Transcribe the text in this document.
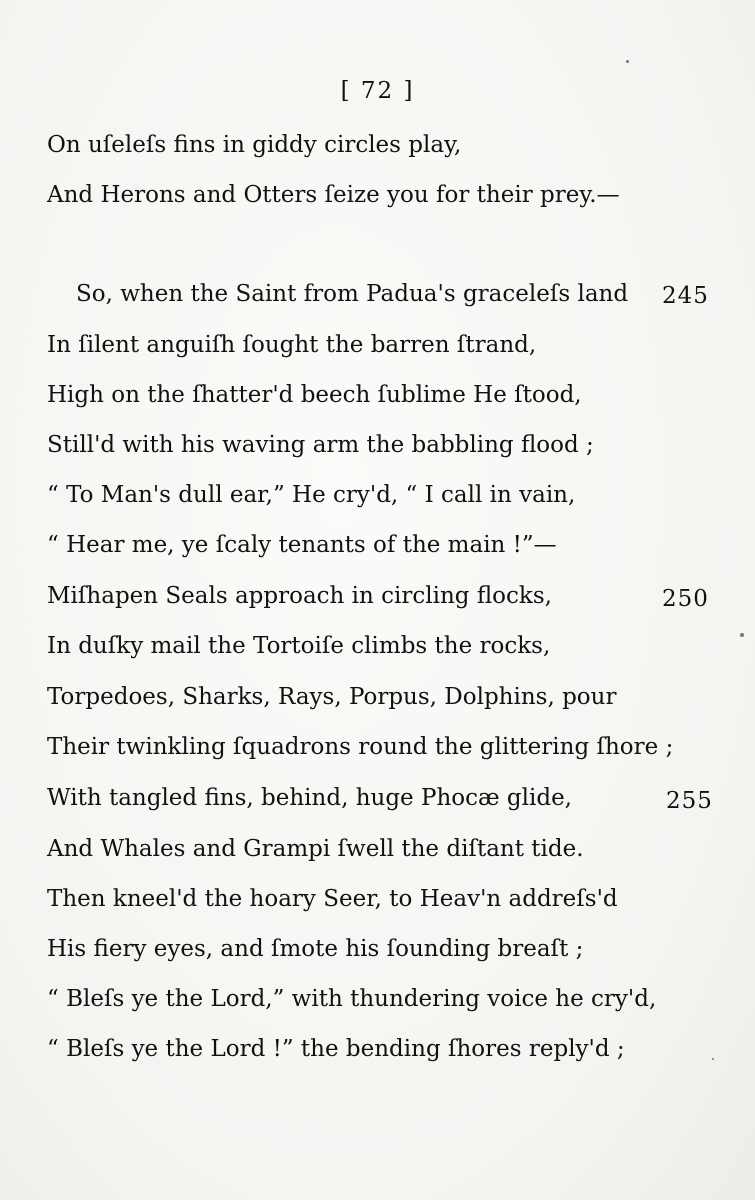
[ 72 ]
On uſeleſs fins in giddy circles play,
And Herons and Otters ſeize you for their prey.—
So, when the Saint from Padua's graceleſs land 245
In ſilent anguiſh ſought the barren ſtrand,
High on the ſhatter'd beech ſublime He ſtood,
Still'd with his waving arm the babbling flood ;
“ To Man's dull ear,” He cry'd, “ I call in vain,
“ Hear me, ye ſcaly tenants of the main !”—
Miſhapen Seals approach in circling flocks,	250
In duſky mail the Tortoiſe climbs the rocks,
Torpedoes, Sharks, Rays, Porpus, Dolphins, pour
Their twinkling ſquadrons round the glittering ſhore ;
With tangled fins, behind, huge Phocæ glide,	255
And Whales and Grampi ſwell the diſtant tide.
Then kneel'd the hoary Seer, to Heav'n addreſs'd
His fiery eyes, and ſmote his ſounding breaſt ;
“ Bleſs ye the Lord,” with thundering voice he cry'd,
“ Bleſs ye the Lord !” the bending ſhores reply'd ;
